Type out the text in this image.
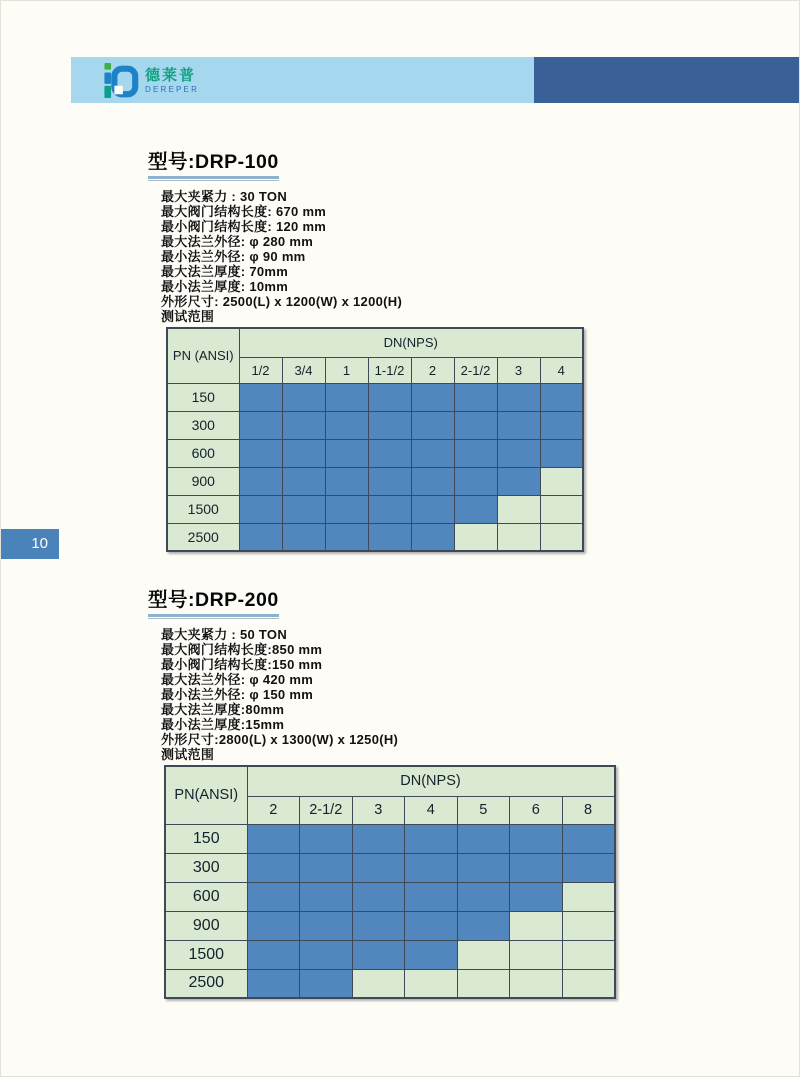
德莱普
DEREPER
10
型号:DRP-100
最大夹紧力 : 30 TON
最大阀门结构长度: 670 mm
最小阀门结构长度: 120 mm
最大法兰外径: φ 280 mm
最小法兰外径: φ 90 mm
最大法兰厚度: 70mm
最小法兰厚度: 10mm
外形尺寸: 2500(L) x 1200(W) x 1200(H)
测试范围
PN (ANSI)	DN(NPS)							
	1/2	3/4	1	1-1/2	2	2-1/2	3	4
150								
300								
600								
900								
1500								
2500								
型号:DRP-200
最大夹紧力 : 50 TON
最大阀门结构长度:850 mm
最小阀门结构长度:150 mm
最大法兰外径: φ 420 mm
最小法兰外径: φ 150 mm
最大法兰厚度:80mm
最小法兰厚度:15mm
外形尺寸:2800(L) x 1300(W) x 1250(H)
测试范围
PN(ANSI)	DN(NPS)						
	2	2-1/2	3	4	5	6	8
150							
300							
600							
900							
1500							
2500							
